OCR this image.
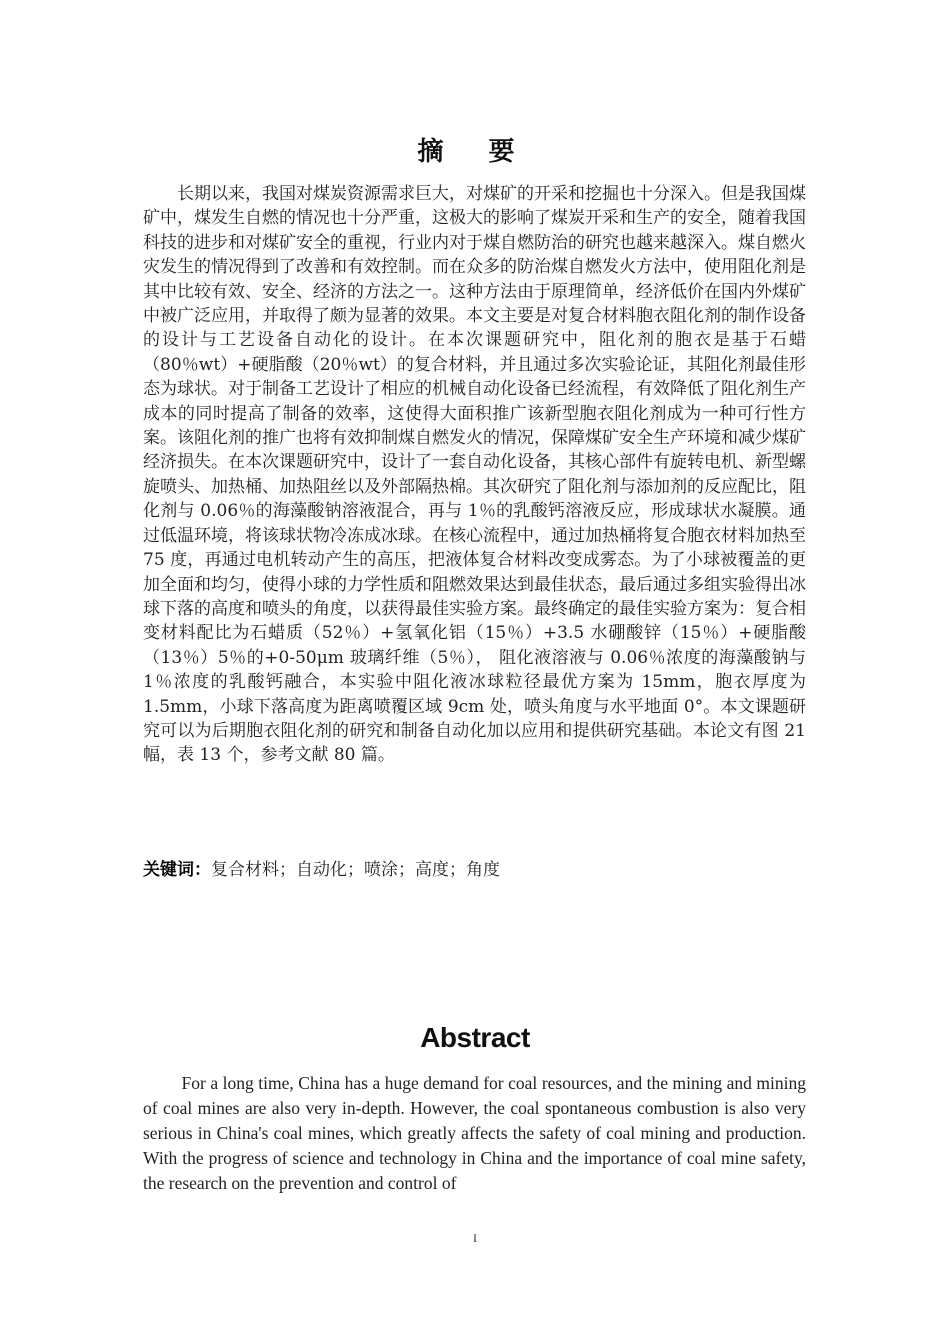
摘 要

长期以来，我国对煤炭资源需求巨大，对煤矿的开采和挖掘也十分深入。但是我国煤矿中，煤发生自燃的情况也十分严重，这极大的影响了煤炭开采和生产的安全，随着我国科技的进步和对煤矿安全的重视，行业内对于煤自燃防治的研究也越来越深入。煤自燃火灾发生的情况得到了改善和有效控制。而在众多的防治煤自燃发火方法中，使用阻化剂是其中比较有效、安全、经济的方法之一。这种方法由于原理简单，经济低价在国内外煤矿中被广泛应用，并取得了颇为显著的效果。本文主要是对复合材料胞衣阻化剂的制作设备的设计与工艺设备自动化的设计。在本次课题研究中，阻化剂的胞衣是基于石蜡（80％wt）+硬脂酸（20％wt）的复合材料，并且通过多次实验论证，其阻化剂最佳形态为球状。对于制备工艺设计了相应的机械自动化设备已经流程，有效降低了阻化剂生产成本的同时提高了制备的效率，这使得大面积推广该新型胞衣阻化剂成为一种可行性方案。该阻化剂的推广也将有效抑制煤自燃发火的情况，保障煤矿安全生产环境和减少煤矿经济损失。在本次课题研究中，设计了一套自动化设备，其核心部件有旋转电机、新型螺旋喷头、加热桶、加热阻丝以及外部隔热棉。其次研究了阻化剂与添加剂的反应配比，阻化剂与 0.06％的海藻酸钠溶液混合，再与 1％的乳酸钙溶液反应，形成球状水凝膜。通过低温环境，将该球状物冷冻成冰球。在核心流程中，通过加热桶将复合胞衣材料加热至 75 度，再通过电机转动产生的高压，把液体复合材料改变成雾态。为了小球被覆盖的更加全面和均匀，使得小球的力学性质和阻燃效果达到最佳状态，最后通过多组实验得出冰球下落的高度和喷头的角度，以获得最佳实验方案。最终确定的最佳实验方案为：复合相变材料配比为石蜡质（52％）+氢氧化铝（15％）+3.5 水硼酸锌（15％）+硬脂酸（13％）5％的+0-50μm 玻璃纤维（5％）， 阻化液溶液与 0.06％浓度的海藻酸钠与 1％浓度的乳酸钙融合，本实验中阻化液冰球粒径最优方案为 15mm，胞衣厚度为 1.5mm，小球下落高度为距离喷覆区域 9cm 处，喷头角度与水平地面 0°。本文课题研究可以为后期胞衣阻化剂的研究和制备自动化加以应用和提供研究基础。本论文有图 21 幅，表 13 个，参考文献 80 篇。

关键词：复合材料；自动化；喷涂；高度；角度

Abstract

For a long time, China has a huge demand for coal resources, and the mining and mining of coal mines are also very in-depth. However, the coal spontaneous combustion is also very serious in China's coal mines, which greatly affects the safety of coal mining and production. With the progress of science and technology in China and the importance of coal mine safety, the research on the prevention and control of

I
